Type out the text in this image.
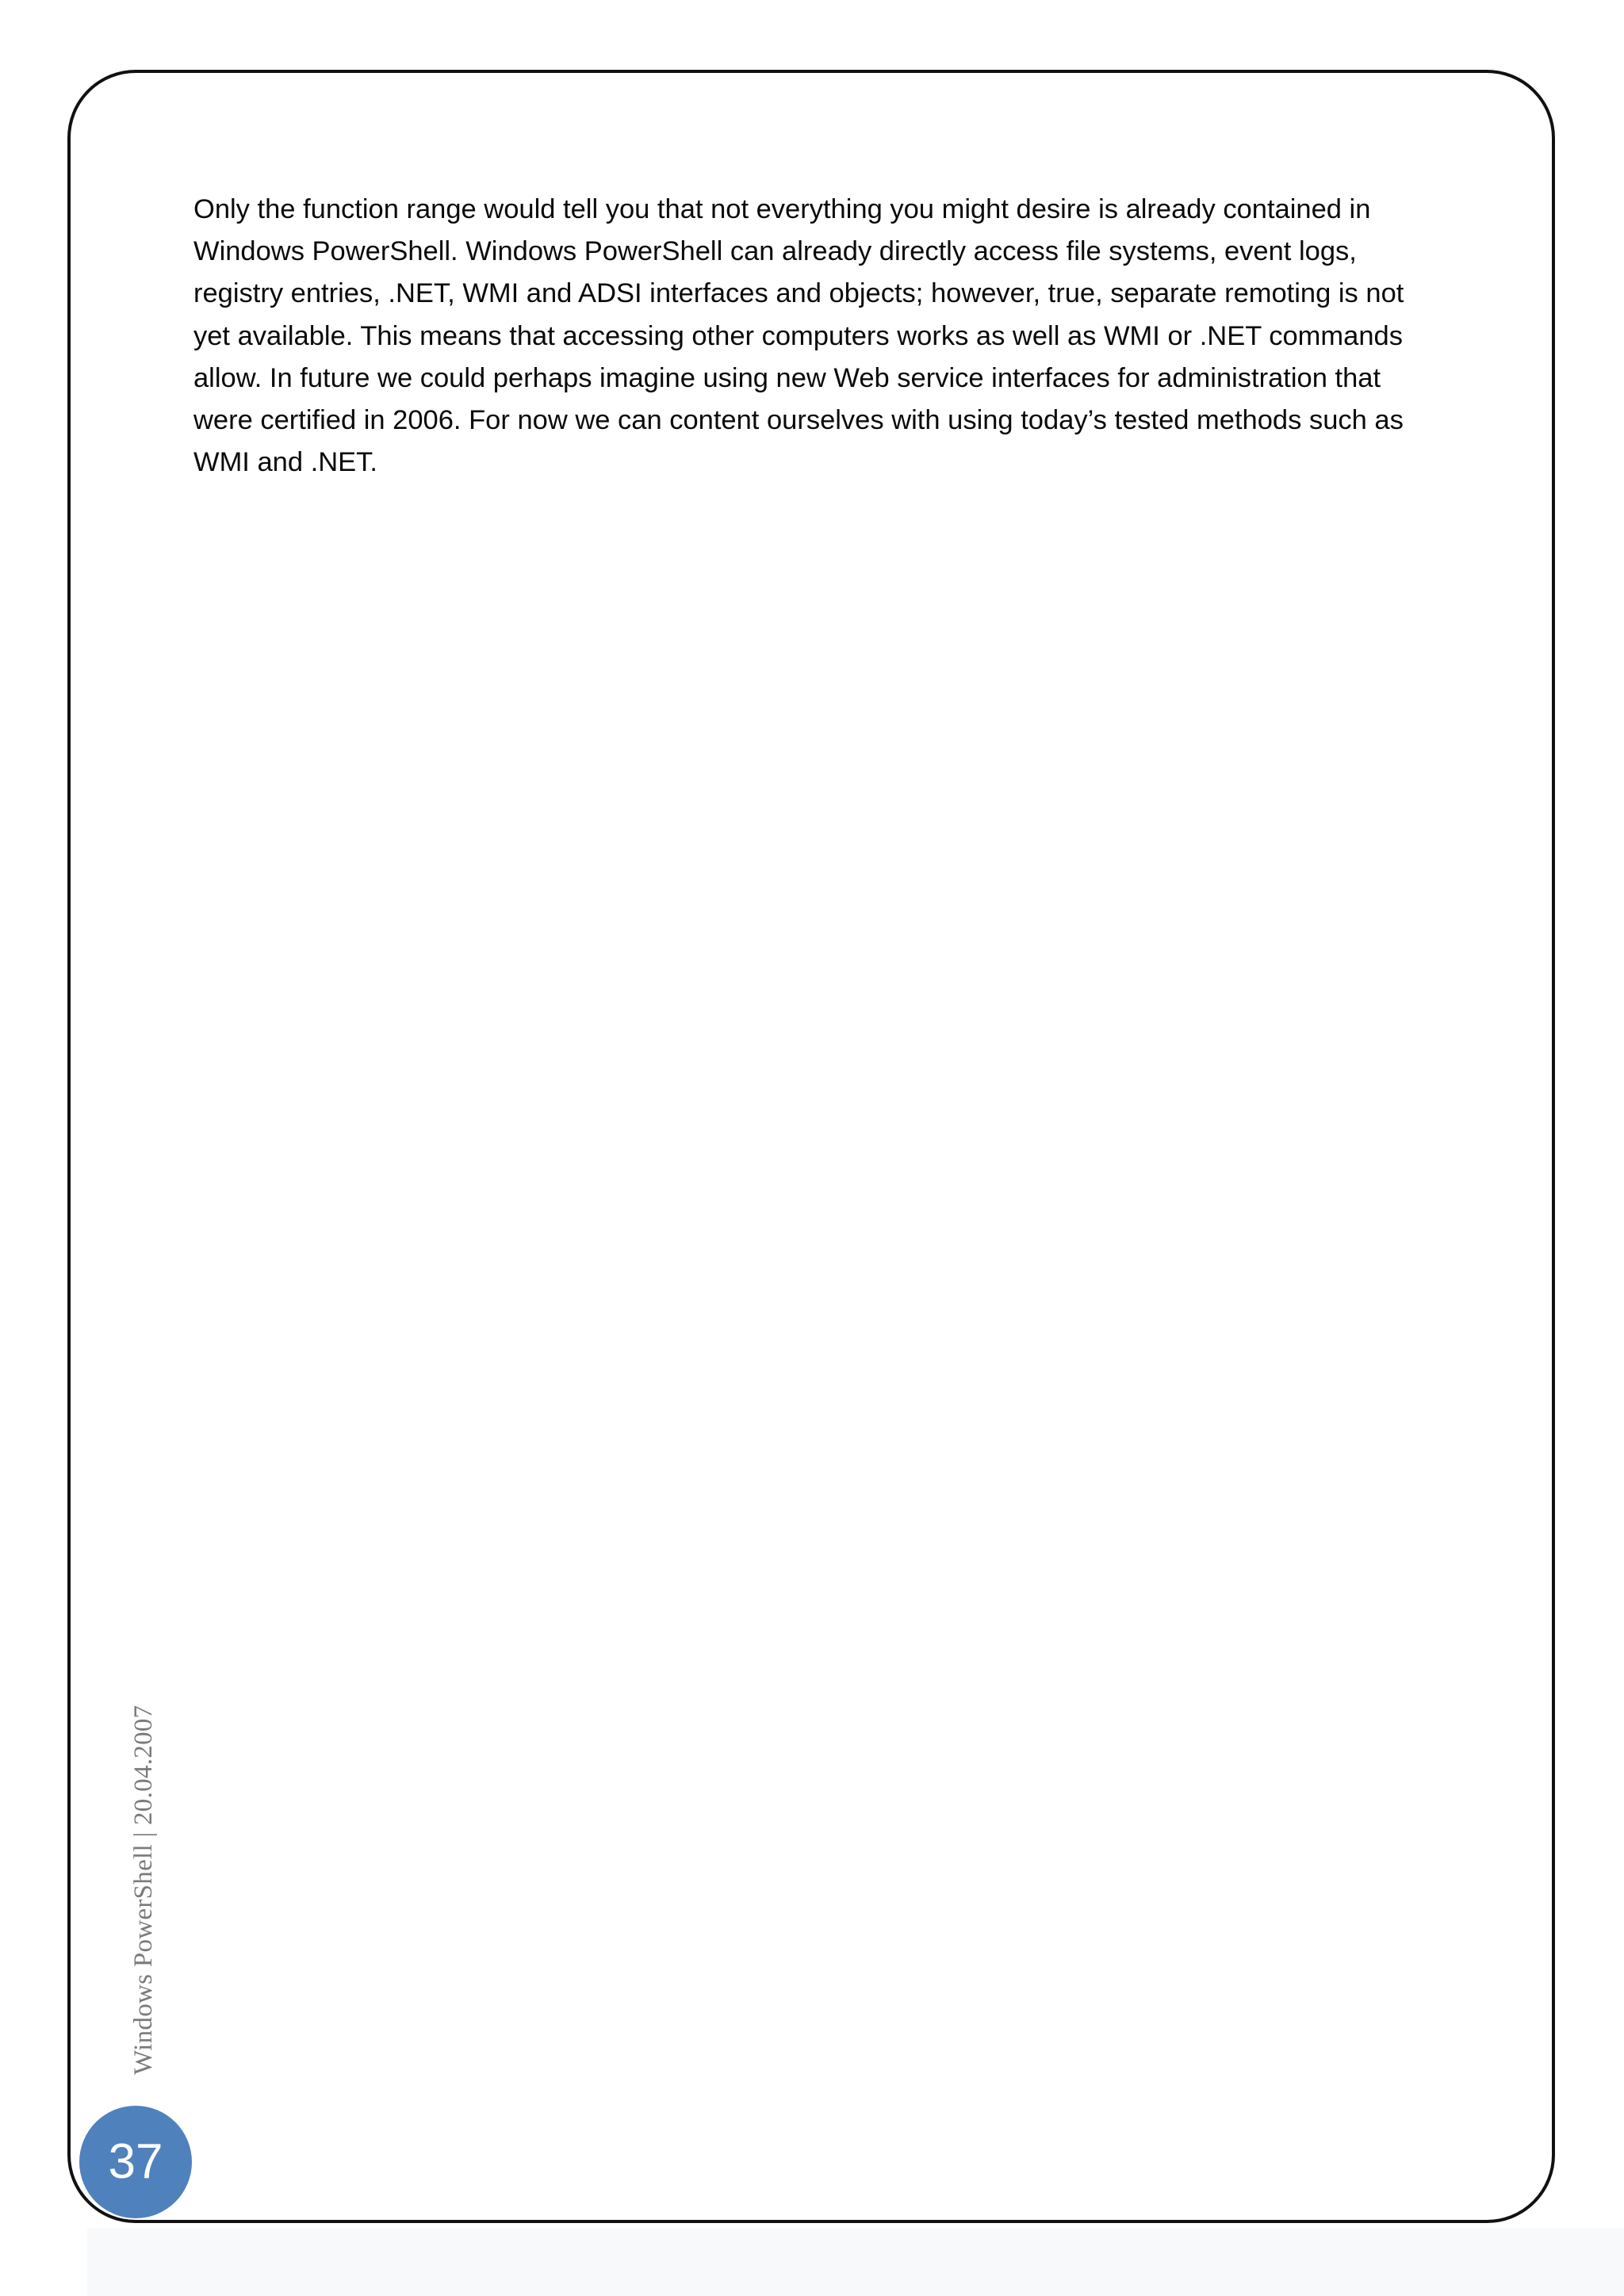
Only the function range would tell you that not everything you might desire is already contained in Windows PowerShell. Windows PowerShell can already directly access file systems, event logs, registry entries, .NET, WMI and ADSI interfaces and objects; however, true, separate remoting is not yet available. This means that accessing other computers works as well as WMI or .NET commands allow. In future we could perhaps imagine using new Web service interfaces for administration that were certified in 2006. For now we can content ourselves with using today’s tested methods such as WMI and .NET.

Windows PowerShell | 20.04.2007
37
